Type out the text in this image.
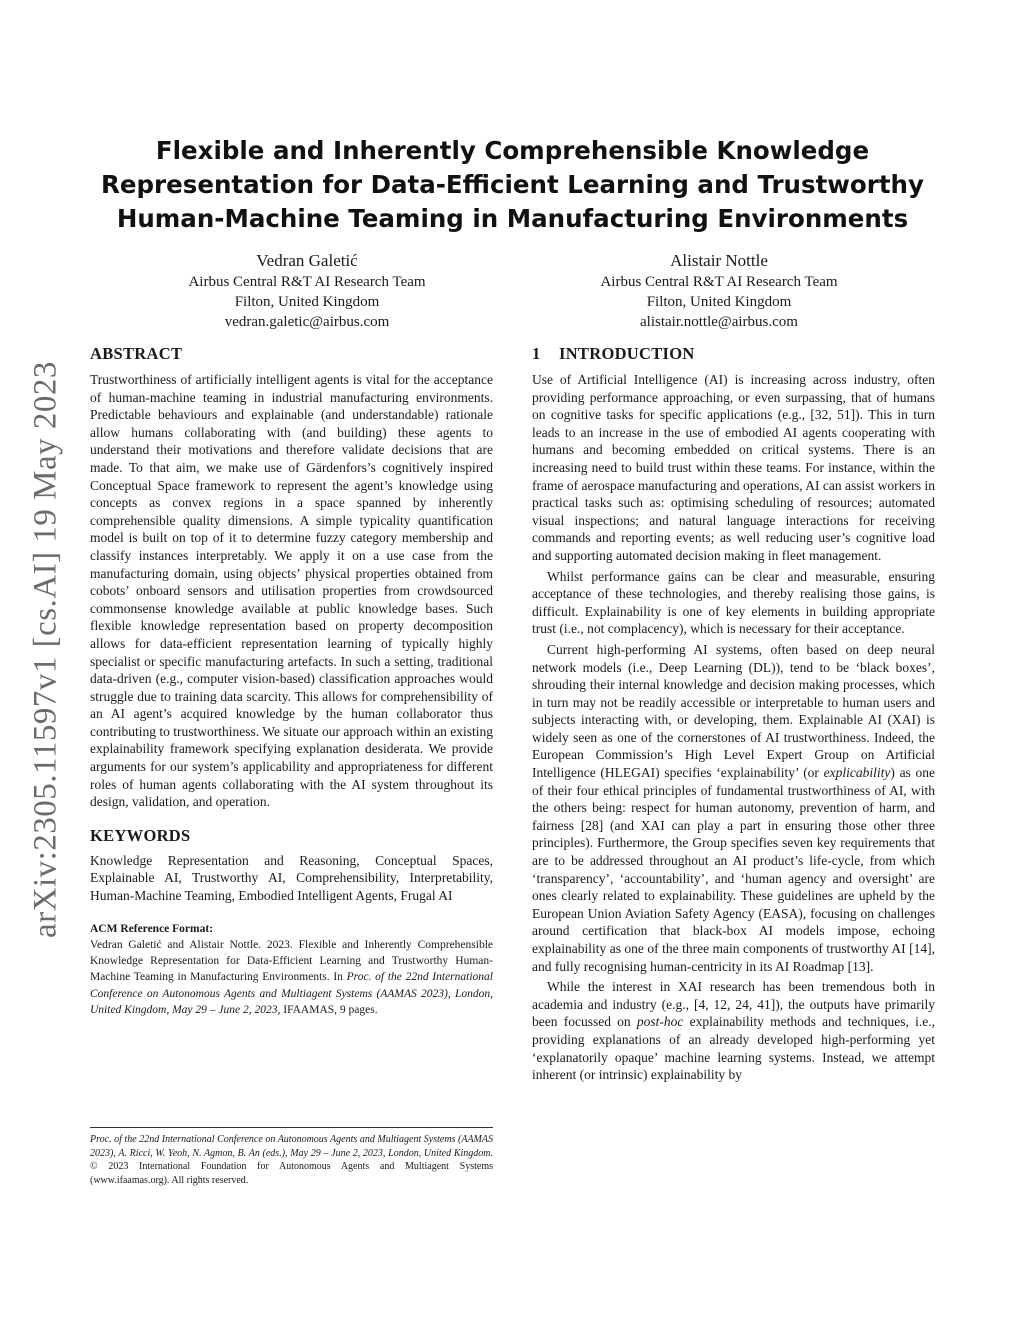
arXiv:2305.11597v1 [cs.AI] 19 May 2023
Flexible and Inherently Comprehensible Knowledge
Representation for Data-Efficient Learning and Trustworthy
Human-Machine Teaming in Manufacturing Environments
Vedran Galetić
Airbus Central R&T AI Research Team
Filton, United Kingdom
vedran.galetic@airbus.com
Alistair Nottle
Airbus Central R&T AI Research Team
Filton, United Kingdom
alistair.nottle@airbus.com
ABSTRACT

Trustworthiness of artificially intelligent agents is vital for the acceptance of human-machine teaming in industrial manufacturing environments. Predictable behaviours and explainable (and understandable) rationale allow humans collaborating with (and building) these agents to understand their motivations and therefore validate decisions that are made. To that aim, we make use of Gärdenfors’s cognitively inspired Conceptual Space framework to represent the agent’s knowledge using concepts as convex regions in a space spanned by inherently comprehensible quality dimensions. A simple typicality quantification model is built on top of it to determine fuzzy category membership and classify instances interpretably. We apply it on a use case from the manufacturing domain, using objects’ physical properties obtained from cobots’ onboard sensors and utilisation properties from crowdsourced commonsense knowledge available at public knowledge bases. Such flexible knowledge representation based on property decomposition allows for data-efficient representation learning of typically highly specialist or specific manufacturing artefacts. In such a setting, traditional data-driven (e.g., computer vision-based) classification approaches would struggle due to training data scarcity. This allows for comprehensibility of an AI agent’s acquired knowledge by the human collaborator thus contributing to trustworthiness. We situate our approach within an existing explainability framework specifying explanation desiderata. We provide arguments for our system’s applicability and appropriateness for different roles of human agents collaborating with the AI system throughout its design, validation, and operation.

KEYWORDS

Knowledge Representation and Reasoning, Conceptual Spaces, Explainable AI, Trustworthy AI, Comprehensibility, Interpretability, Human-Machine Teaming, Embodied Intelligent Agents, Frugal AI

ACM Reference Format:

Vedran Galetić and Alistair Nottle. 2023. Flexible and Inherently Comprehensible Knowledge Representation for Data-Efficient Learning and Trustworthy Human-Machine Teaming in Manufacturing Environments. In Proc. of the 22nd International Conference on Autonomous Agents and Multiagent Systems (AAMAS 2023), London, United Kingdom, May 29 – June 2, 2023, IFAAMAS, 9 pages.

Proc. of the 22nd International Conference on Autonomous Agents and Multiagent Systems (AAMAS 2023), A. Ricci, W. Yeoh, N. Agmon, B. An (eds.), May 29 – June 2, 2023, London, United Kingdom. © 2023 International Foundation for Autonomous Agents and Multiagent Systems (www.ifaamas.org). All rights reserved.
1 INTRODUCTION

Use of Artificial Intelligence (AI) is increasing across industry, often providing performance approaching, or even surpassing, that of humans on cognitive tasks for specific applications (e.g., [32, 51]). This in turn leads to an increase in the use of embodied AI agents cooperating with humans and becoming embedded on critical systems. There is an increasing need to build trust within these teams. For instance, within the frame of aerospace manufacturing and operations, AI can assist workers in practical tasks such as: optimising scheduling of resources; automated visual inspections; and natural language interactions for receiving commands and reporting events; as well reducing user’s cognitive load and supporting automated decision making in fleet management.

Whilst performance gains can be clear and measurable, ensuring acceptance of these technologies, and thereby realising those gains, is difficult. Explainability is one of key elements in building appropriate trust (i.e., not complacency), which is necessary for their acceptance.

Current high-performing AI systems, often based on deep neural network models (i.e., Deep Learning (DL)), tend to be ‘black boxes’, shrouding their internal knowledge and decision making processes, which in turn may not be readily accessible or interpretable to human users and subjects interacting with, or developing, them. Explainable AI (XAI) is widely seen as one of the cornerstones of AI trustworthiness. Indeed, the European Commission’s High Level Expert Group on Artificial Intelligence (HLEGAI) specifies ‘explainability’ (or explicability) as one of their four ethical principles of fundamental trustworthiness of AI, with the others being: respect for human autonomy, prevention of harm, and fairness [28] (and XAI can play a part in ensuring those other three principles). Furthermore, the Group specifies seven key requirements that are to be addressed throughout an AI product’s life-cycle, from which ‘transparency’, ‘accountability’, and ‘human agency and oversight’ are ones clearly related to explainability. These guidelines are upheld by the European Union Aviation Safety Agency (EASA), focusing on challenges around certification that black-box AI models impose, echoing explainability as one of the three main components of trustworthy AI [14], and fully recognising human-centricity in its AI Roadmap [13].

While the interest in XAI research has been tremendous both in academia and industry (e.g., [4, 12, 24, 41]), the outputs have primarily been focussed on post-hoc explainability methods and techniques, i.e., providing explanations of an already developed high-performing yet ‘explanatorily opaque’ machine learning systems. Instead, we attempt inherent (or intrinsic) explainability by
